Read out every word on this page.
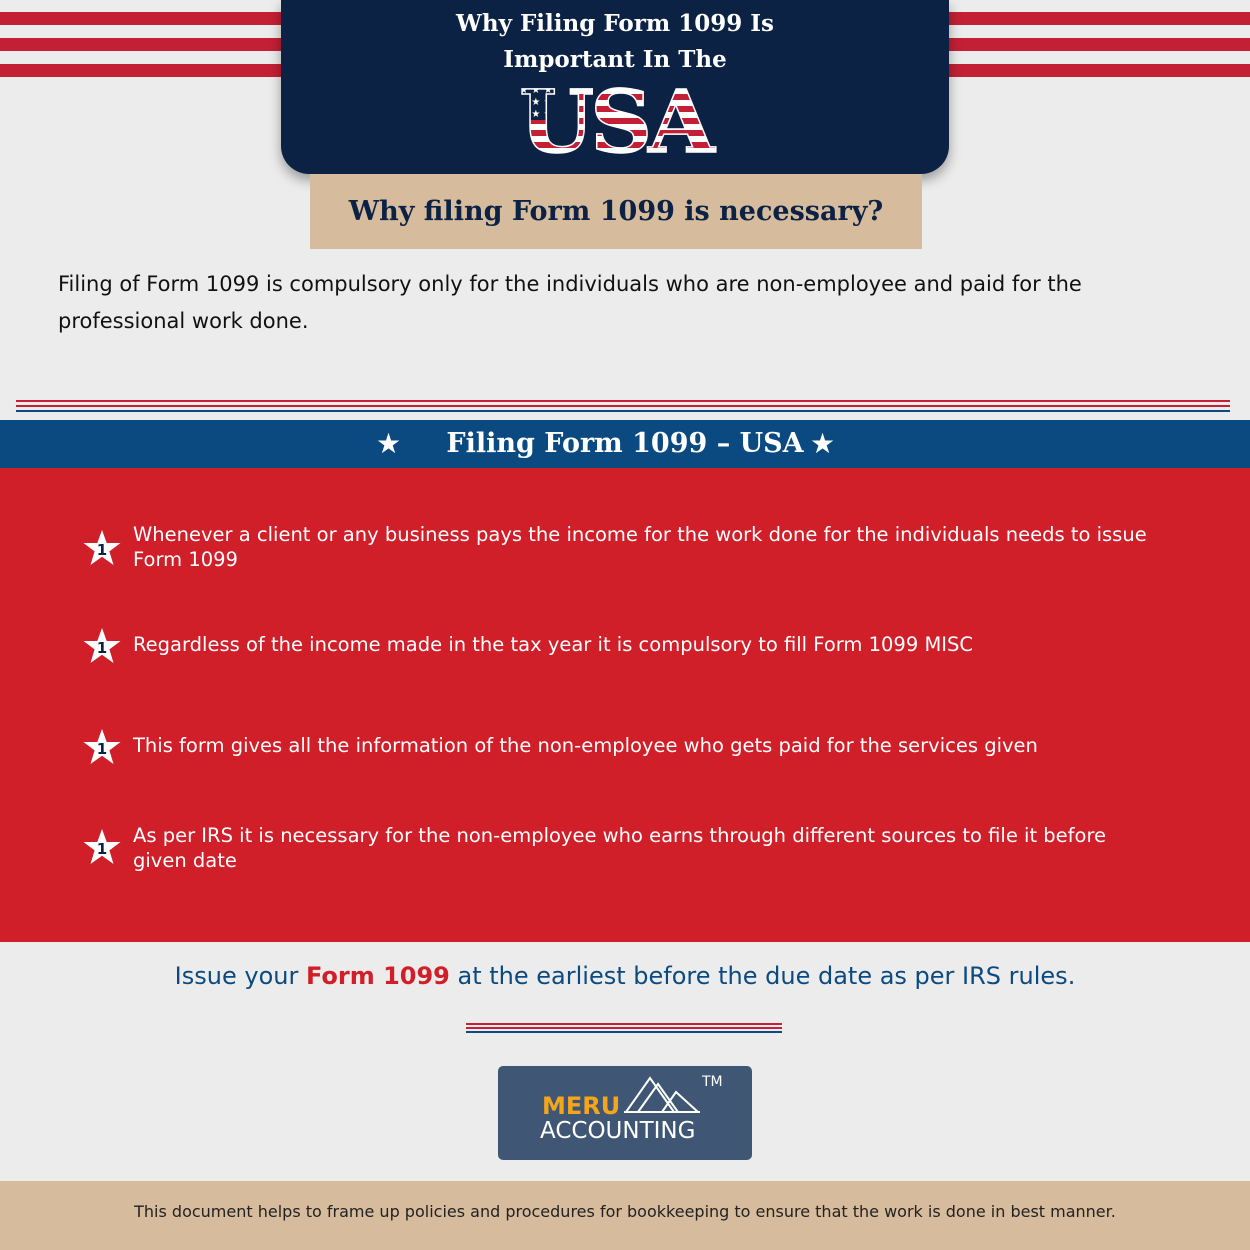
Why Filing Form 1099 Is
Important In The
USA
Why filing Form 1099 is necessary?
Filing of Form 1099 is compulsory only for the individuals who are non-employee and paid for the professional work done.
★	Filing Form 1099 – USA ★
1
Whenever a client or any business pays the income for the work done for the individuals needs to issue Form 1099
1 Regardless of the income made in the tax year it is compulsory to fill Form 1099 MISC
1 This form gives all the information of the non-employee who gets paid for the services given
1
As per IRS it is necessary for the non-employee who earns through different sources to file it before given date
Issue your Form 1099 at the earliest before the due date as per IRS rules.
TM
MERU
ACCOUNTING
This document helps to frame up policies and procedures for bookkeeping to ensure that the work is done in best manner.
